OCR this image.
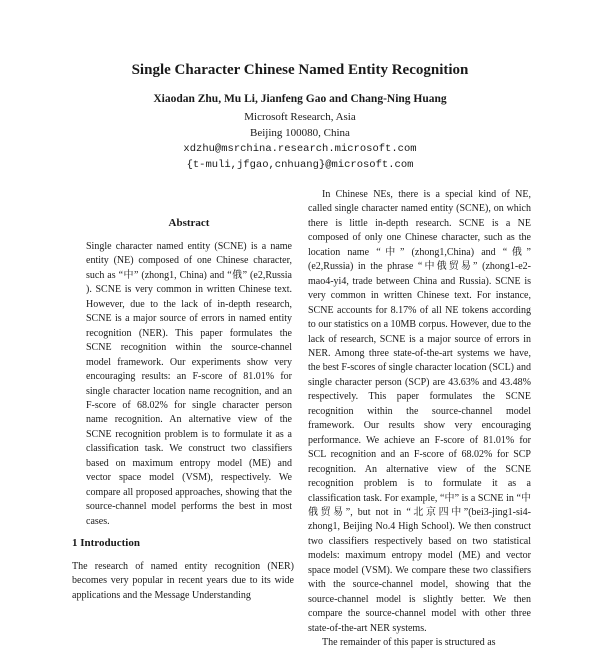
Single Character Chinese Named Entity Recognition
Xiaodan Zhu, Mu Li, Jianfeng Gao and Chang-Ning Huang
Microsoft Research, Asia
Beijing 100080, China
xdzhu@msrchina.research.microsoft.com
{t-muli,jfgao,cnhuang}@microsoft.com
Abstract

Single character named entity (SCNE) is a name entity (NE) composed of one Chinese character, such as “中” (zhong1, China) and “俄” (e2,Russia ). SCNE is very common in written Chinese text. However, due to the lack of in-depth research, SCNE is a major source of errors in named entity recognition (NER). This paper formulates the SCNE recognition within the source-channel model framework. Our experiments show very encouraging results: an F-score of 81.01% for single character location name recognition, and an F-score of 68.02% for single character person name recognition. An alternative view of the SCNE recognition problem is to formulate it as a classification task. We construct two classifiers based on maximum entropy model (ME) and vector space model (VSM), respectively. We compare all proposed approaches, showing that the source-channel model performs the best in most cases.

1 Introduction

The research of named entity recognition (NER) becomes very popular in recent years due to its wide applications and the Message Understanding

In Chinese NEs, there is a special kind of NE, called single character named entity (SCNE), on which there is little in-depth research. SCNE is a NE composed of only one Chinese character, such as the location name “中” (zhong1,China) and “俄” (e2,Russia) in the phrase “中俄贸易” (zhong1-e2-mao4-yi4, trade between China and Russia). SCNE is very common in written Chinese text. For instance, SCNE accounts for 8.17% of all NE tokens according to our statistics on a 10MB corpus. However, due to the lack of research, SCNE is a major source of errors in NER. Among three state-of-the-art systems we have, the best F-scores of single character location (SCL) and single character person (SCP) are 43.63% and 43.48% respectively. This paper formulates the SCNE recognition within the source-channel model framework. Our results show very encouraging performance. We achieve an F-score of 81.01% for SCL recognition and an F-score of 68.02% for SCP recognition. An alternative view of the SCNE recognition problem is to formulate it as a classification task. For example, “中” is a SCNE in “中俄贸易”, but not in “北京四中”(bei3-jing1-si4-zhong1, Beijing No.4 High School). We then construct two classifiers respectively based on two statistical models: maximum entropy model (ME) and vector space model (VSM). We compare these two classifiers with the source-channel model, showing that the source-channel model is slightly better. We then compare the source-channel model with other three state-of-the-art NER systems.

The remainder of this paper is structured as
